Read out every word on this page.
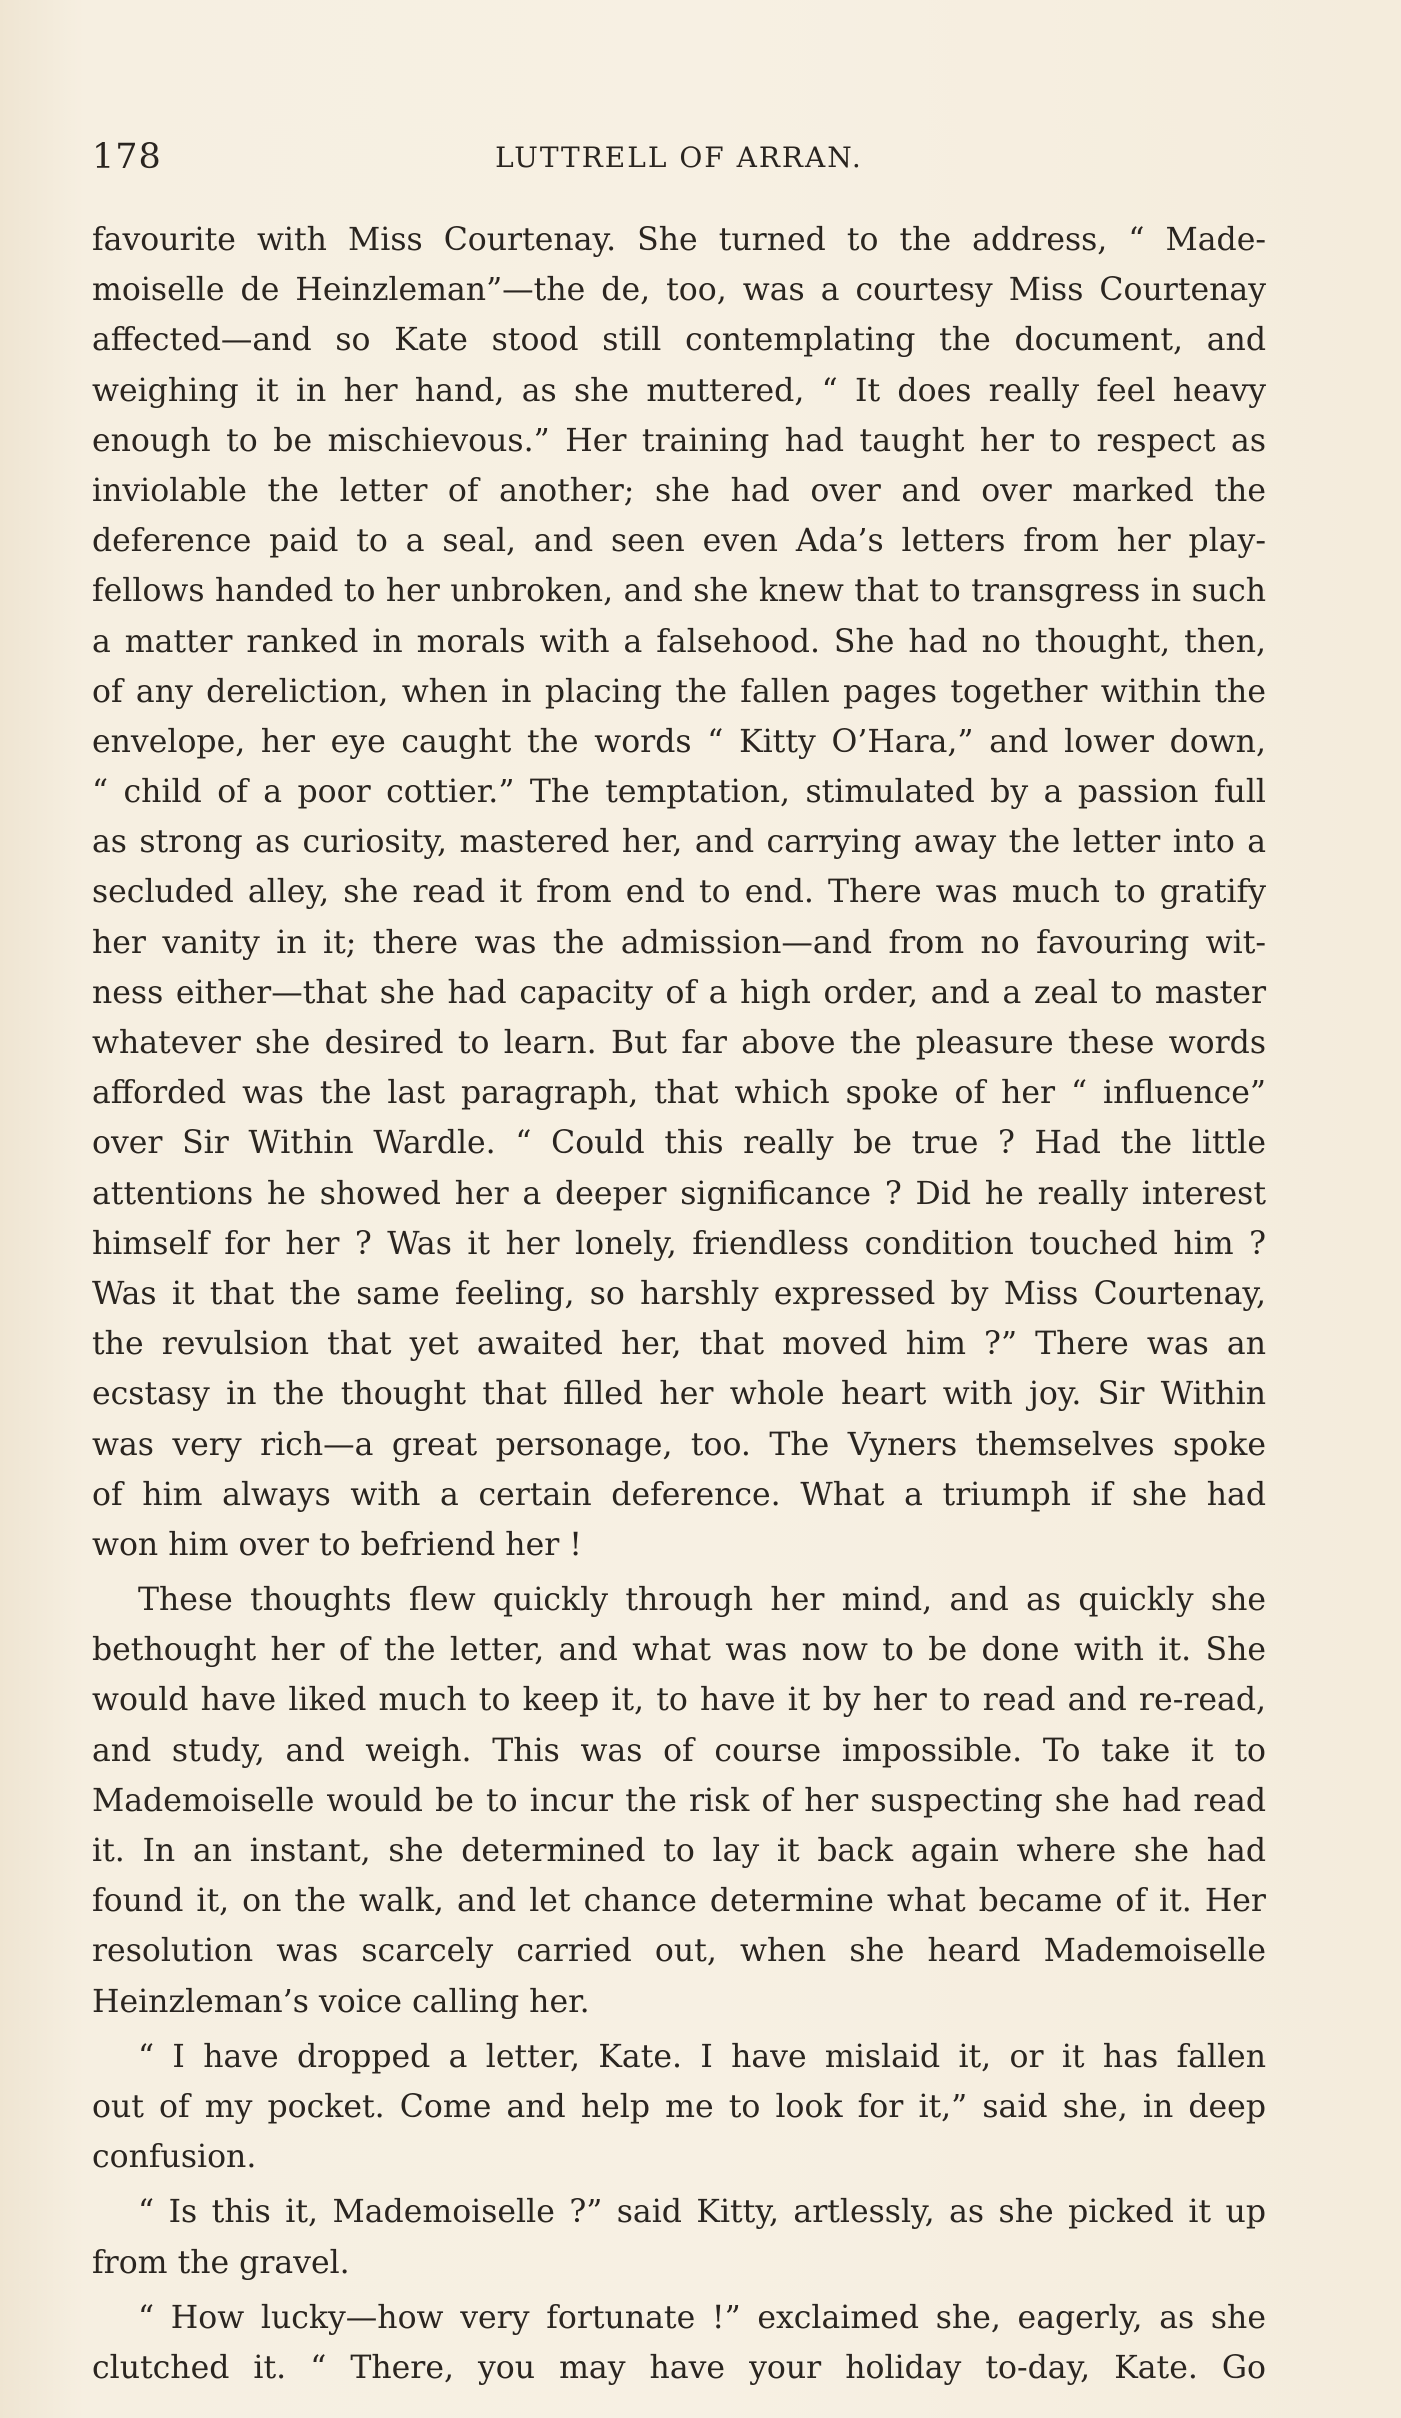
178	LUTTRELL OF ARRAN.
favourite with Miss Courtenay. She turned to the address, “ Made-
moiselle de Heinzleman”—the de, too, was a courtesy Miss Courtenay
affected—and so Kate stood still contemplating the document, and
weighing it in her hand, as she muttered, “ It does really feel heavy
enough to be mischievous.” Her training had taught her to respect as
inviolable the letter of another; she had over and over marked the
deference paid to a seal, and seen even Ada’s letters from her play-
fellows handed to her unbroken, and she knew that to transgress in such
a matter ranked in morals with a falsehood. She had no thought, then,
of any dereliction, when in placing the fallen pages together within the
envelope, her eye caught the words “ Kitty O’Hara,” and lower down,
“ child of a poor cottier.” The temptation, stimulated by a passion full
as strong as curiosity, mastered her, and carrying away the letter into a
secluded alley, she read it from end to end. There was much to gratify
her vanity in it; there was the admission—and from no favouring wit-
ness either—that she had capacity of a high order, and a zeal to master
whatever she desired to learn. But far above the pleasure these words
afforded was the last paragraph, that which spoke of her “ influence”
over Sir Within Wardle. “ Could this really be true ? Had the little
attentions he showed her a deeper significance ? Did he really interest
himself for her ? Was it her lonely, friendless condition touched him ?
Was it that the same feeling, so harshly expressed by Miss Courtenay,
the revulsion that yet awaited her, that moved him ?” There was an
ecstasy in the thought that filled her whole heart with joy. Sir Within
was very rich—a great personage, too. The Vyners themselves spoke
of him always with a certain deference. What a triumph if she had
won him over to befriend her !
These thoughts flew quickly through her mind, and as quickly she
bethought her of the letter, and what was now to be done with it. She
would have liked much to keep it, to have it by her to read and re-read,
and study, and weigh. This was of course impossible. To take it to
Mademoiselle would be to incur the risk of her suspecting she had read
it. In an instant, she determined to lay it back again where she had
found it, on the walk, and let chance determine what became of it. Her
resolution was scarcely carried out, when she heard Mademoiselle
Heinzleman’s voice calling her.
“ I have dropped a letter, Kate. I have mislaid it, or it has fallen
out of my pocket. Come and help me to look for it,” said she, in deep
confusion.
“ Is this it, Mademoiselle ?” said Kitty, artlessly, as she picked it up
from the gravel.
“ How lucky—how very fortunate !” exclaimed she, eagerly, as she
clutched it. “ There, you may have your holiday to-day, Kate. Go
